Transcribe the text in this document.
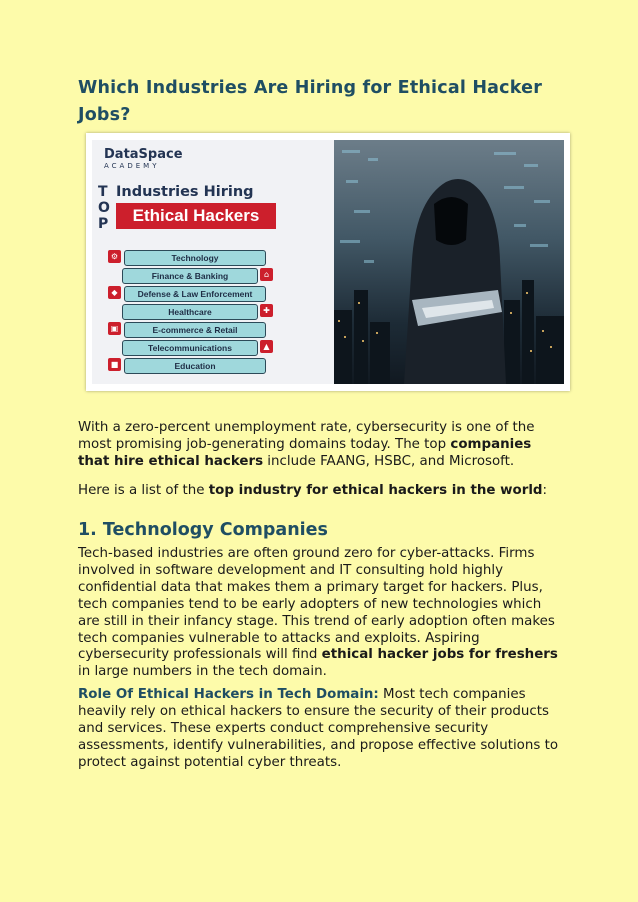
Which Industries Are Hiring for Ethical Hacker Jobs?
DataSpace
ACADEMY
T
O
P
Industries Hiring
Ethical Hackers
⚙	Technology
Finance & Banking	⌂
◆	Defense & Law Enforcement
Healthcare	✚
▣	E-commerce & Retail
Telecommunications	▲
■	Education

With a zero-percent unemployment rate, cybersecurity is one of the most promising job-generating domains today. The top companies that hire ethical hackers include FAANG, HSBC, and Microsoft.

Here is a list of the top industry for ethical hackers in the world:

1. Technology Companies

Tech-based industries are often ground zero for cyber-attacks. Firms involved in software development and IT consulting hold highly confidential data that makes them a primary target for hackers. Plus, tech companies tend to be early adopters of new technologies which are still in their infancy stage. This trend of early adoption often makes tech companies vulnerable to attacks and exploits. Aspiring cybersecurity professionals will find ethical hacker jobs for freshers in large numbers in the tech domain.

Role Of Ethical Hackers in Tech Domain: Most tech companies heavily rely on ethical hackers to ensure the security of their products and services. These experts conduct comprehensive security assessments, identify vulnerabilities, and propose effective solutions to protect against potential cyber threats.
